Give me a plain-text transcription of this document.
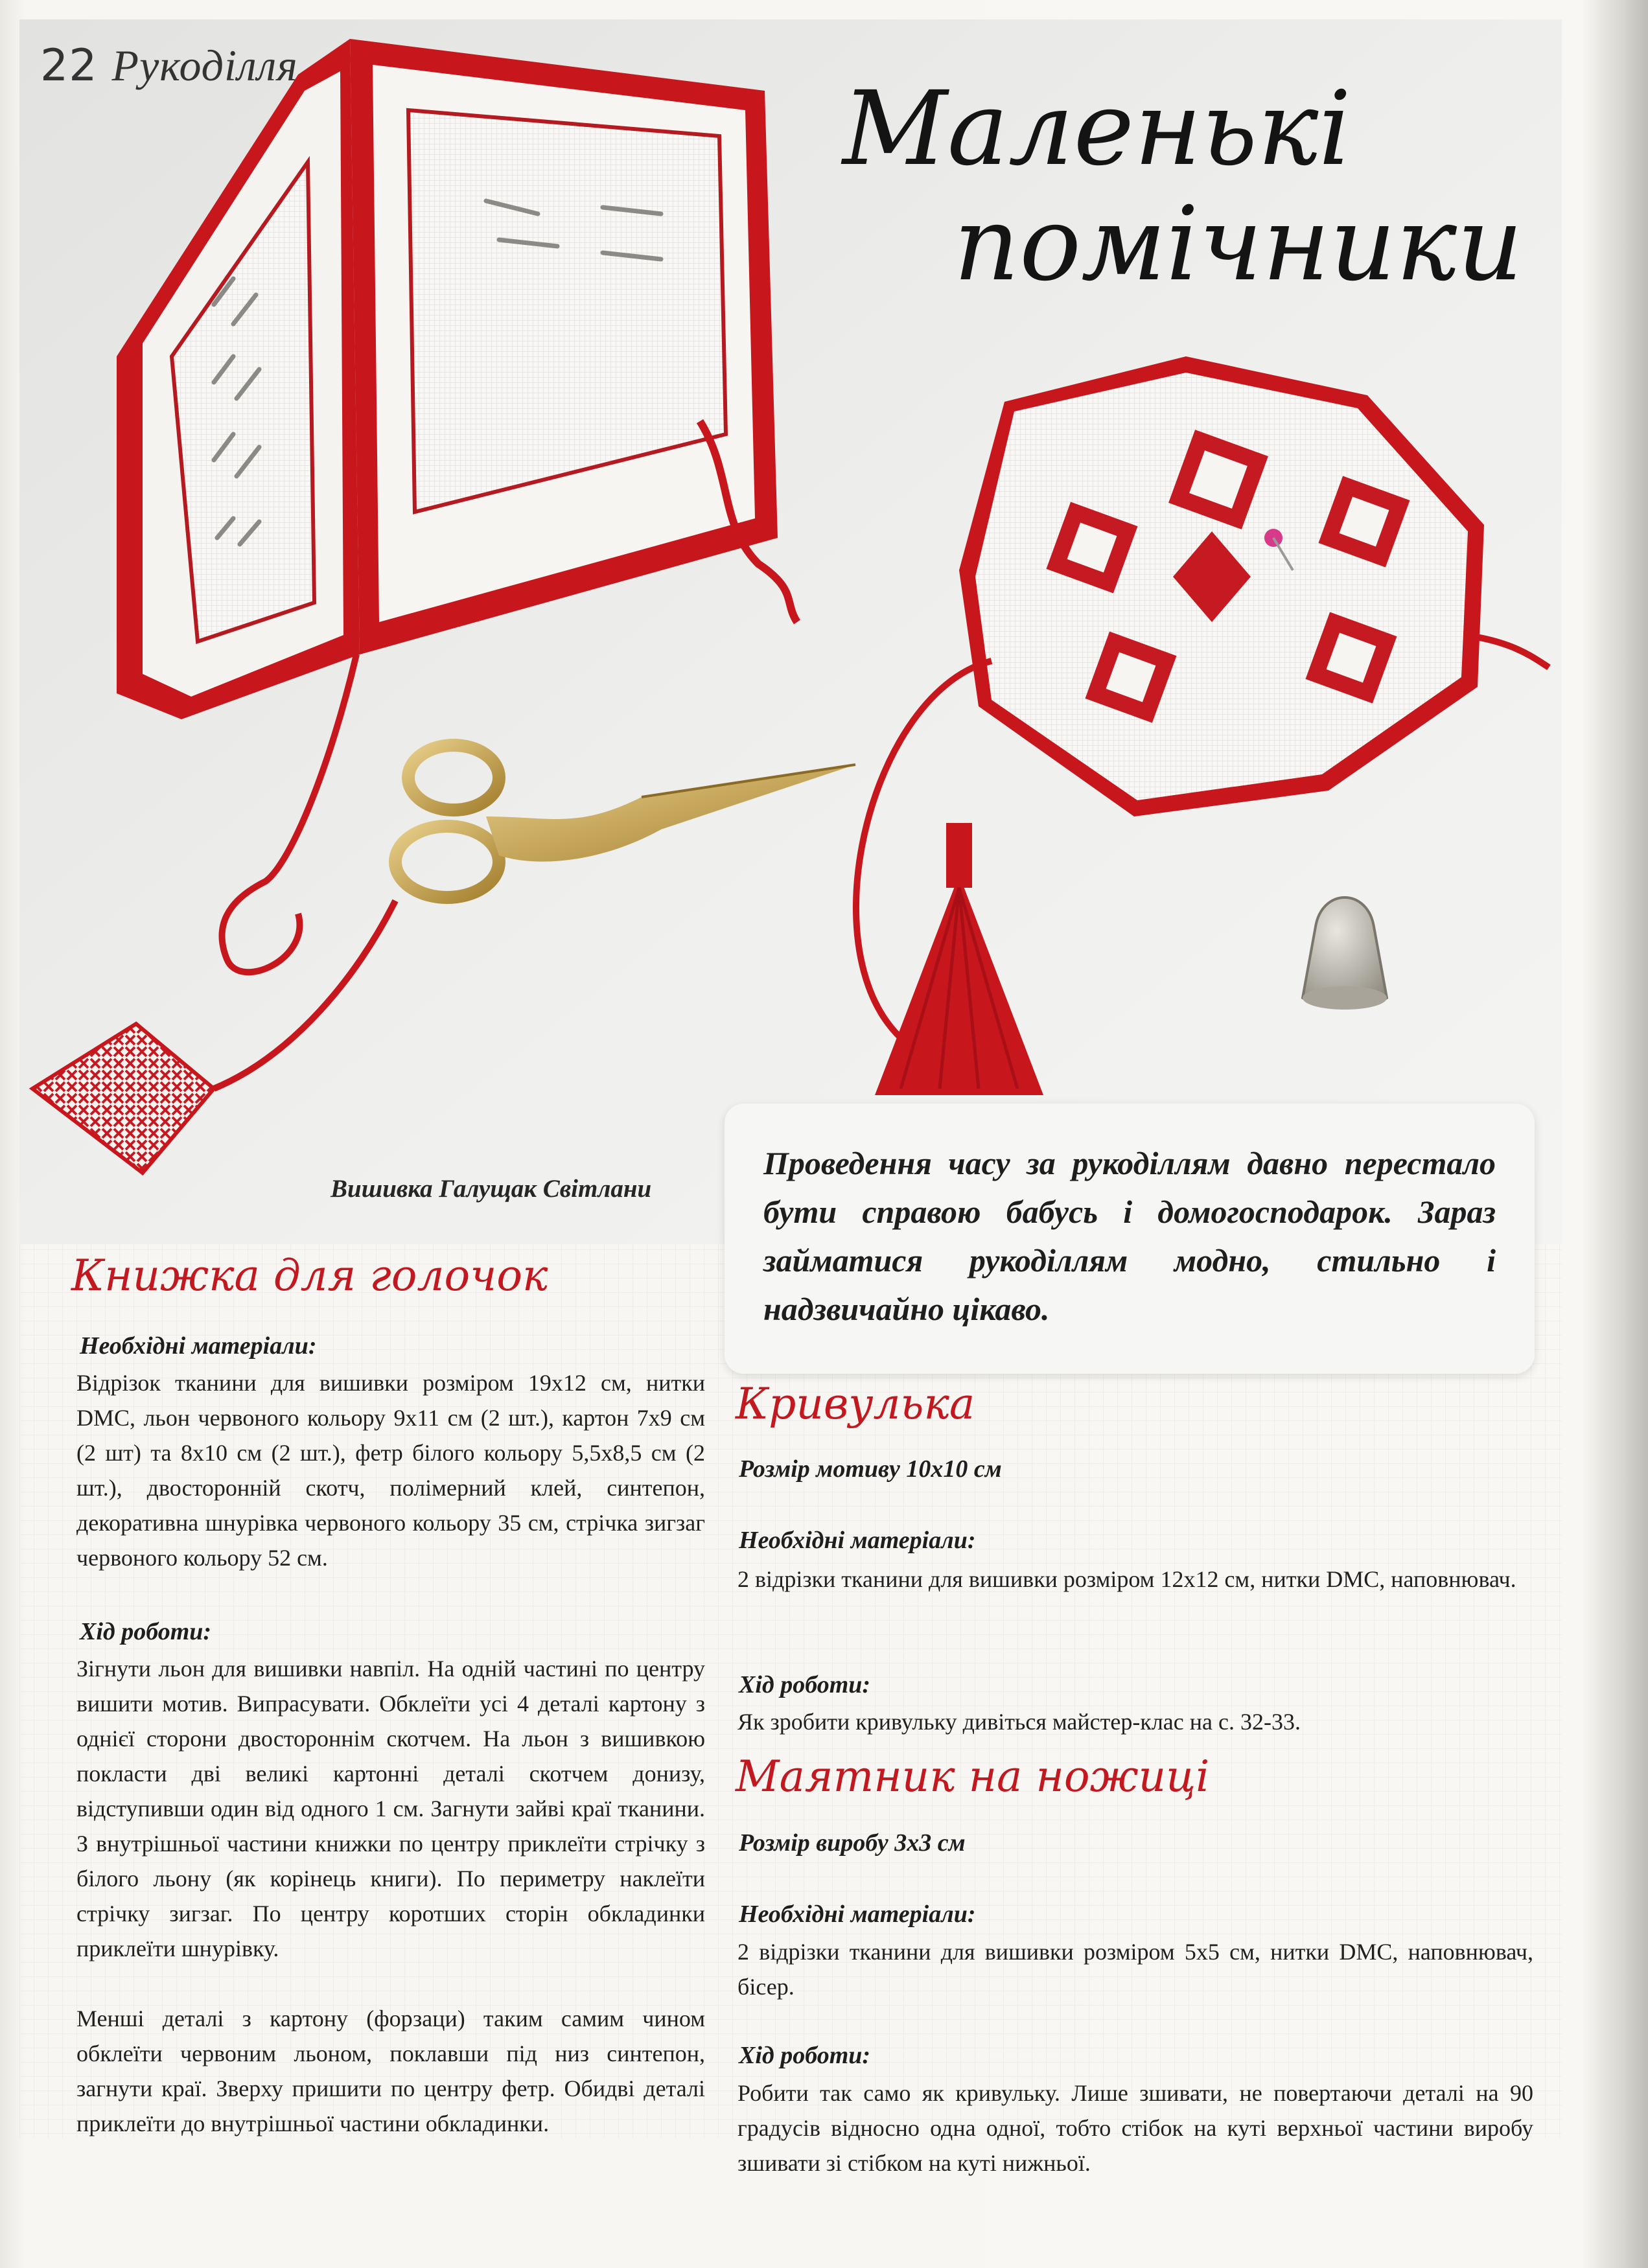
22 Рукоділля
Маленькі
помічники
Вишивка Галущак Світлани

Проведення часу за рукоділлям давно перестало бути справою бабусь і домогосподарок. Зараз займатися рукоділлям модно, стильно і надзвичайно цікаво.

Книжка для голочок
Необхідні матеріали:

Відрізок тканини для вишивки розміром 19х12 см, нитки DMC, льон червоного кольору 9х11 см (2 шт.), картон 7х9 см (2 шт) та 8х10 см (2 шт.), фетр білого кольору 5,5х8,5 см (2 шт.), двосторонній скотч, полімерний клей, синтепон, декоративна шнурівка червоного кольору 35 см, стрічка зигзаг червоного кольору 52 см.

Хід роботи:

Зігнути льон для вишивки навпіл. На одній частині по центру вишити мотив. Випрасувати. Обклеїти усі 4 деталі картону з однієї сторони двостороннім скотчем. На льон з вишивкою покласти дві великі картонні деталі скотчем донизу, відступивши один від одного 1 см. Загнути зайві краї тканини. З внутрішньої частини книжки по центру приклеїти стрічку з білого льону (як корінець книги). По периметру наклеїти стрічку зигзаг. По центру коротших сторін обкладинки приклеїти шнурівку.

Менші деталі з картону (форзаци) таким самим чином обклеїти червоним льоном, поклавши під низ синтепон, загнути краї. Зверху пришити по центру фетр. Обидві деталі приклеїти до внутрішньої частини обкладинки.

Кривулька
Розмір мотиву 10х10 см
Необхідні матеріали:

2 відрізки тканини для вишивки розміром 12х12 см, нитки DMC, наповнювач.

Хід роботи:

Як зробити кривульку дивіться майстер-клас на с. 32-33.

Маятник на ножиці
Розмір виробу 3х3 см
Необхідні матеріали:

2 відрізки тканини для вишивки розміром 5х5 см, нитки DMC, наповнювач, бісер.

Хід роботи:

Робити так само як кривульку. Лише зшивати, не повертаючи деталі на 90 градусів відносно одна одної, тобто стібок на куті верхньої частини виробу зшивати зі стібком на куті нижньої.
